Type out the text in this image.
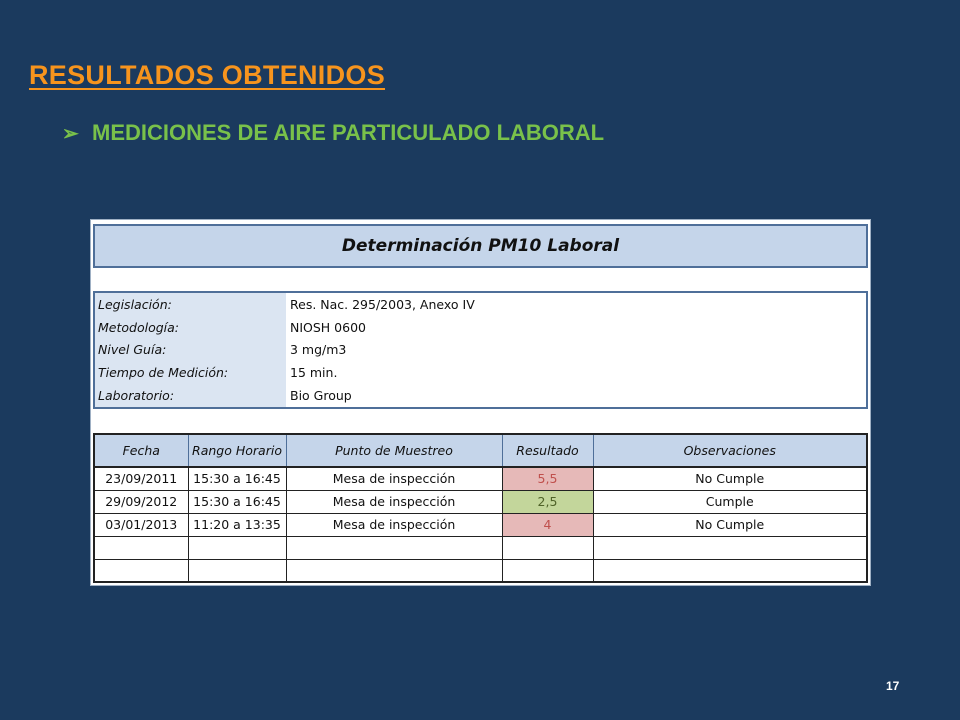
RESULTADOS OBTENIDOS
➢ MEDICIONES DE AIRE PARTICULADO LABORAL
Determinación PM10 Laboral
Legislación:	Res. Nac. 295/2003, Anexo IV
Metodología:	NIOSH 0600
Nivel Guía:	3 mg/m3
Tiempo de Medición:	15 min.
Laboratorio:	Bio Group
Fecha	Rango Horario	Punto de Muestreo	Resultado	Observaciones
23/09/2011	15:30 a 16:45	Mesa de inspección	5,5	No Cumple
29/09/2012	15:30 a 16:45	Mesa de inspección	2,5	Cumple
03/01/2013	11:20 a 13:35	Mesa de inspección	4	No Cumple

17
